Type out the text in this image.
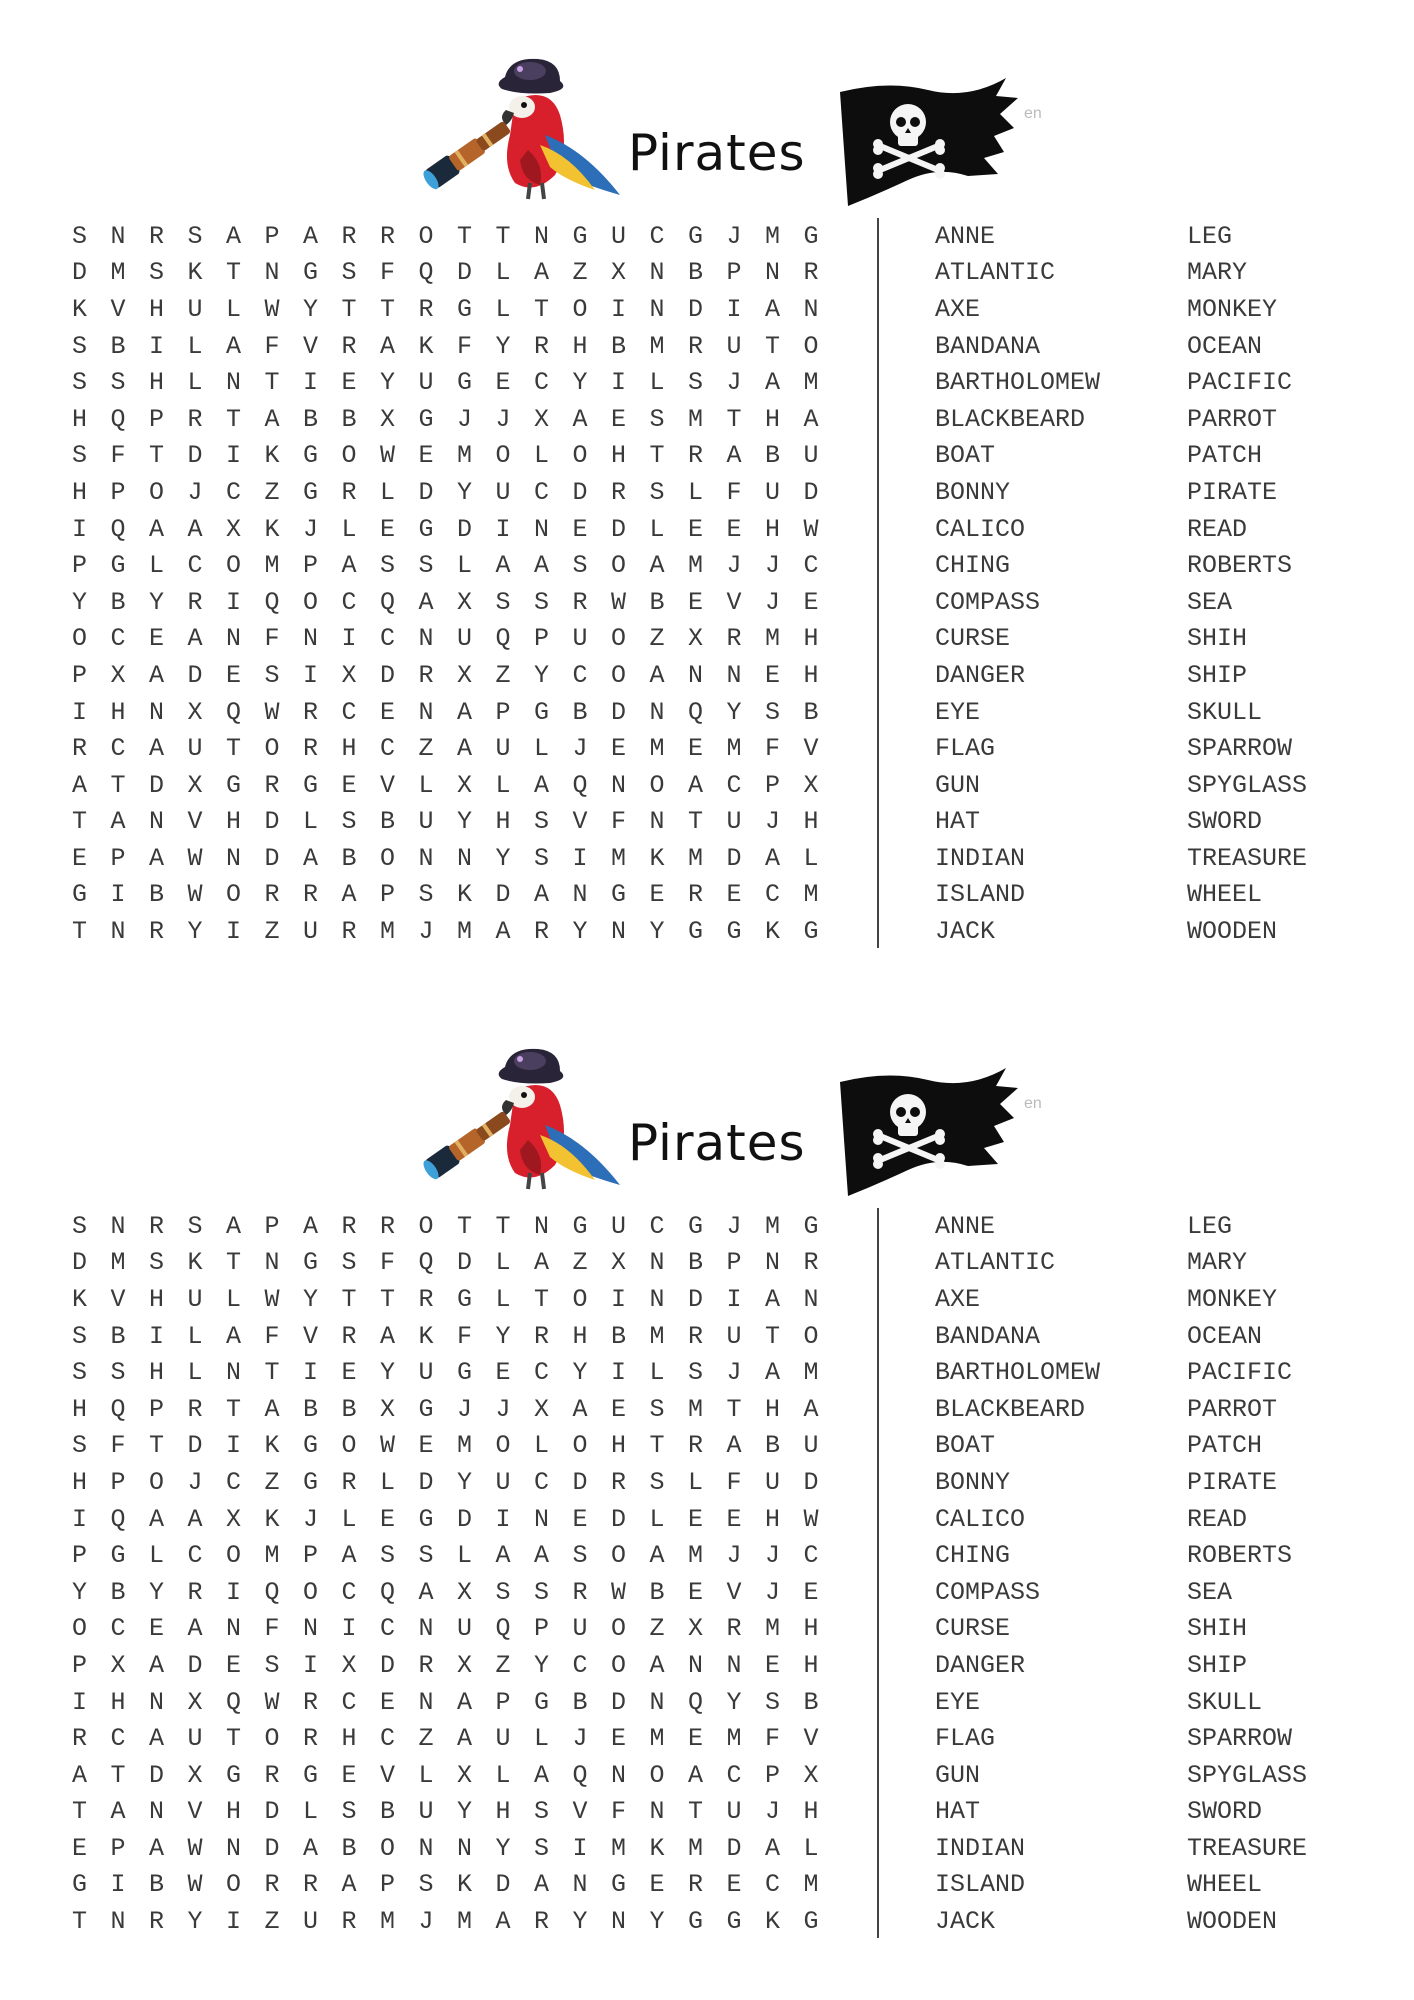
Pirates
en
S N R S A P A R R O T T N G U C G J M G
D M S K T N G S F Q D L A Z X N B P N R
K V H U L W Y T T R G L T O I N D I A N
S B I L A F V R A K F Y R H B M R U T O
S S H L N T I E Y U G E C Y I L S J A M
H Q P R T A B B X G J J X A E S M T H A
S F T D I K G O W E M O L O H T R A B U
H P O J C Z G R L D Y U C D R S L F U D
I Q A A X K J L E G D I N E D L E E H W
P G L C O M P A S S L A A S O A M J J C
Y B Y R I Q O C Q A X S S R W B E V J E
O C E A N F N I C N U Q P U O Z X R M H
P X A D E S I X D R X Z Y C O A N N E H
I H N X Q W R C E N A P G B D N Q Y S B
R C A U T O R H C Z A U L J E M E M F V
A T D X G R G E V L X L A Q N O A C P X
T A N V H D L S B U Y H S V F N T U J H
E P A W N D A B O N N Y S I M K M D A L
G I B W O R R A P S K D A N G E R E C M
T N R Y I Z U R M J M A R Y N Y G G K G
ANNE
ATLANTIC
AXE
BANDANA
BARTHOLOMEW
BLACKBEARD
BOAT
BONNY
CALICO
CHING
COMPASS
CURSE
DANGER
EYE
FLAG
GUN
HAT
INDIAN
ISLAND
JACK
LEG
MARY
MONKEY
OCEAN
PACIFIC
PARROT
PATCH
PIRATE
READ
ROBERTS
SEA
SHIH
SHIP
SKULL
SPARROW
SPYGLASS
SWORD
TREASURE
WHEEL
WOODEN
Pirates
en
S N R S A P A R R O T T N G U C G J M G
D M S K T N G S F Q D L A Z X N B P N R
K V H U L W Y T T R G L T O I N D I A N
S B I L A F V R A K F Y R H B M R U T O
S S H L N T I E Y U G E C Y I L S J A M
H Q P R T A B B X G J J X A E S M T H A
S F T D I K G O W E M O L O H T R A B U
H P O J C Z G R L D Y U C D R S L F U D
I Q A A X K J L E G D I N E D L E E H W
P G L C O M P A S S L A A S O A M J J C
Y B Y R I Q O C Q A X S S R W B E V J E
O C E A N F N I C N U Q P U O Z X R M H
P X A D E S I X D R X Z Y C O A N N E H
I H N X Q W R C E N A P G B D N Q Y S B
R C A U T O R H C Z A U L J E M E M F V
A T D X G R G E V L X L A Q N O A C P X
T A N V H D L S B U Y H S V F N T U J H
E P A W N D A B O N N Y S I M K M D A L
G I B W O R R A P S K D A N G E R E C M
T N R Y I Z U R M J M A R Y N Y G G K G
ANNE
ATLANTIC
AXE
BANDANA
BARTHOLOMEW
BLACKBEARD
BOAT
BONNY
CALICO
CHING
COMPASS
CURSE
DANGER
EYE
FLAG
GUN
HAT
INDIAN
ISLAND
JACK
LEG
MARY
MONKEY
OCEAN
PACIFIC
PARROT
PATCH
PIRATE
READ
ROBERTS
SEA
SHIH
SHIP
SKULL
SPARROW
SPYGLASS
SWORD
TREASURE
WHEEL
WOODEN
